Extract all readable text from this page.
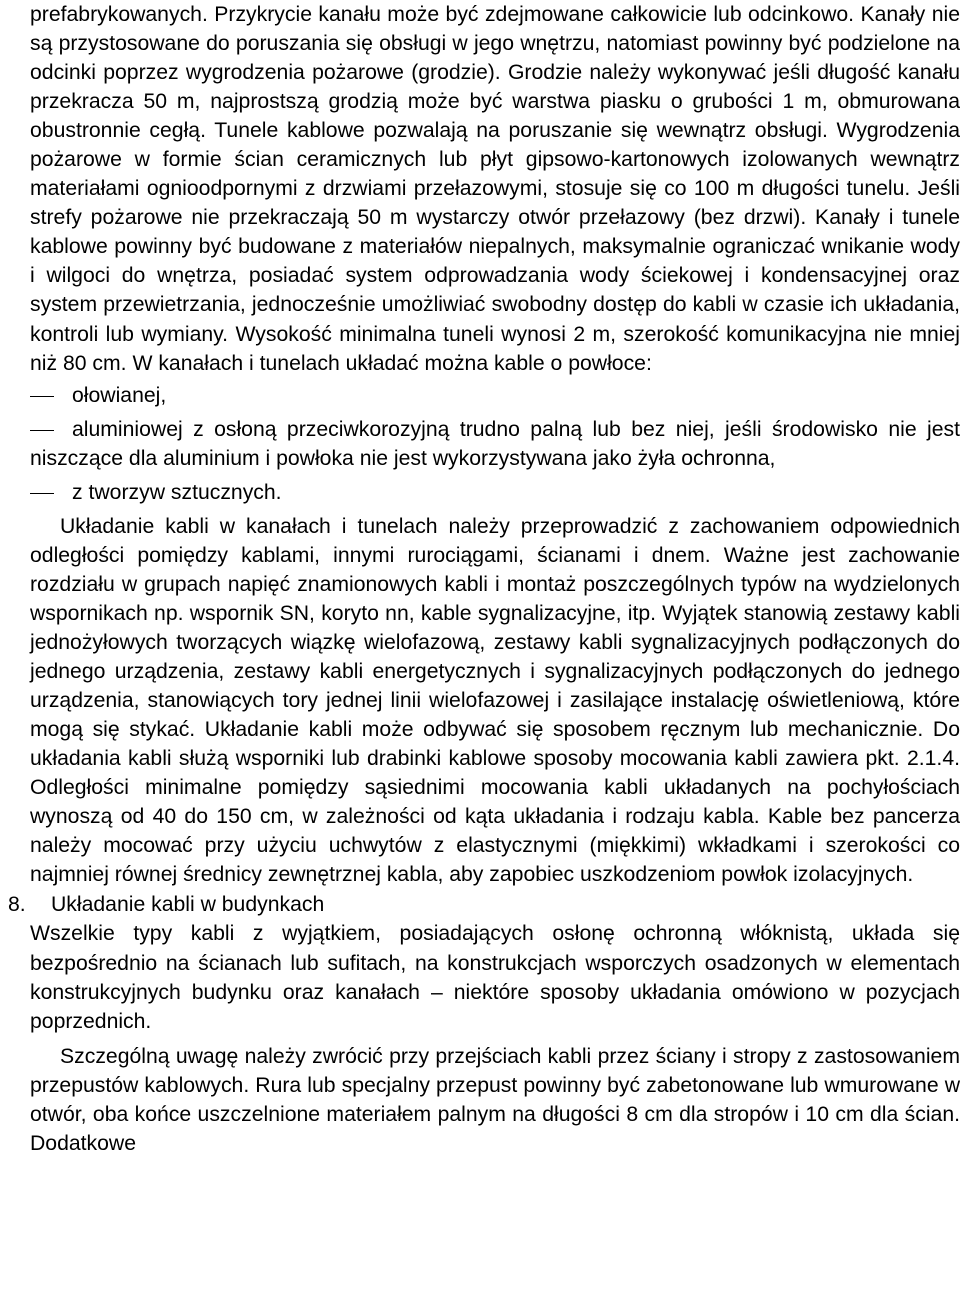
prefabrykowanych. Przykrycie kanału może być zdejmowane całkowicie lub odcinkowo. Kanały nie są przystosowane do poruszania się obsługi w jego wnętrzu, natomiast powinny być podzielone na odcinki poprzez wygrodzenia pożarowe (grodzie). Grodzie należy wykonywać jeśli długość kanału przekracza 50 m, najprostszą grodzią może być warstwa piasku o grubości 1 m, obmurowana obustronnie cegłą. Tunele kablowe pozwalają na poruszanie się wewnątrz obsługi. Wygrodzenia pożarowe w formie ścian ceramicznych lub płyt gipsowo-kartonowych izolowanych wewnątrz materiałami ognioodpornymi z drzwiami przełazowymi, stosuje się co 100 m długości tunelu. Jeśli strefy pożarowe nie przekraczają 50 m wystarczy otwór przełazowy (bez drzwi). Kanały i tunele kablowe powinny być budowane z materiałów niepalnych, maksymalnie ograniczać wnikanie wody i wilgoci do wnętrza, posiadać system odprowadzania wody ściekowej i kondensacyjnej oraz system przewietrzania, jednocześnie umożliwiać swobodny dostęp do kabli w czasie ich układania, kontroli lub wymiany. Wysokość minimalna tuneli wynosi 2 m, szerokość komunikacyjna nie mniej niż 80 cm. W kanałach i tunelach układać można kable o powłoce:

ołowianej,
aluminiowej z osłoną przeciwkorozyjną trudno palną lub bez niej, jeśli środowisko nie jest niszczące dla aluminium i powłoka nie jest wykorzystywana jako żyła ochronna,
z tworzyw sztucznych.

Układanie kabli w kanałach i tunelach należy przeprowadzić z zachowaniem odpowiednich odległości pomiędzy kablami, innymi rurociągami, ścianami i dnem. Ważne jest zachowanie rozdziału w grupach napięć znamionowych kabli i montaż poszczególnych typów na wydzielonych wspornikach np. wspornik SN, koryto nn, kable sygnalizacyjne, itp. Wyjątek stanowią zestawy kabli jednożyłowych tworzących wiązkę wielofazową, zestawy kabli sygnalizacyjnych podłączonych do jednego urządzenia, zestawy kabli energetycznych i sygnalizacyjnych podłączonych do jednego urządzenia, stanowiących tory jednej linii wielofazowej i zasilające instalację oświetleniową, które mogą się stykać. Układanie kabli może odbywać się sposobem ręcznym lub mechanicznie. Do układania kabli służą wsporniki lub drabinki kablowe sposoby mocowania kabli zawiera pkt. 2.1.4. Odległości minimalne pomiędzy sąsiednimi mocowania kabli układanych na pochyłościach wynoszą od 40 do 150 cm, w zależności od kąta układania i rodzaju kabla. Kable bez pancerza należy mocować przy użyciu uchwytów z elastycznymi (miękkimi) wkładkami i szerokości co najmniej równej średnicy zewnętrznej kabla, aby zapobiec uszkodzeniom powłok izolacyjnych.

8.	Układanie kabli w budynkach

Wszelkie typy kabli z wyjątkiem, posiadających osłonę ochronną włóknistą, układa się bezpośrednio na ścianach lub sufitach, na konstrukcjach wsporczych osadzonych w elementach konstrukcyjnych budynku oraz kanałach – niektóre sposoby układania omówiono w pozycjach poprzednich.

Szczególną uwagę należy zwrócić przy przejściach kabli przez ściany i stropy z zastosowaniem przepustów kablowych. Rura lub specjalny przepust powinny być zabetonowane lub wmurowane w otwór, oba końce uszczelnione materiałem palnym na długości 8 cm dla stropów i 10 cm dla ścian. Dodatkowe
